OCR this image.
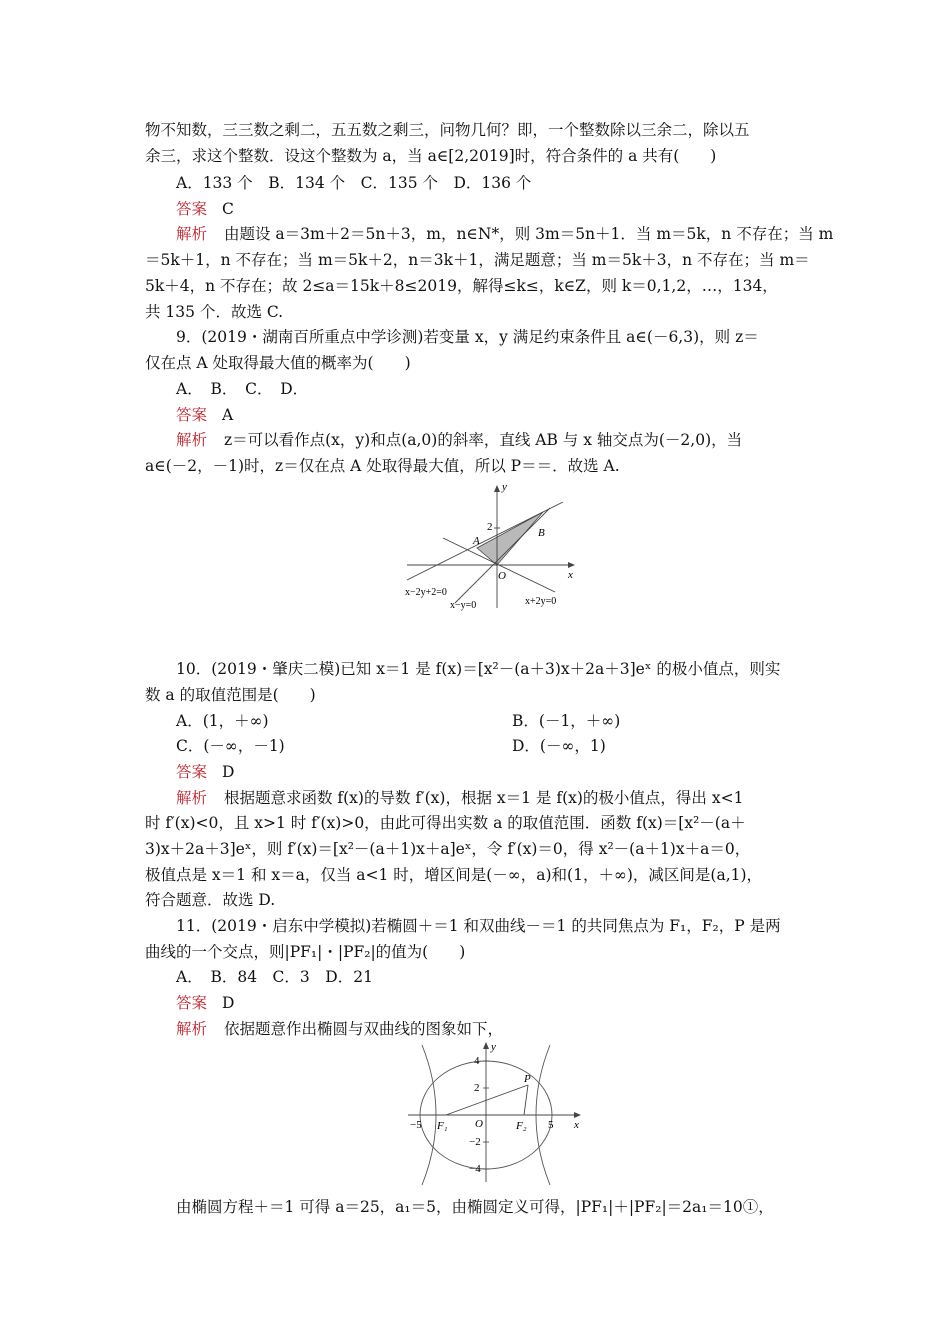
物不知数，三三数之剩二，五五数之剩三，问物几何？即，一个整数除以三余二，除以五
余三，求这个整数．设这个整数为 a，当 a∈[2,2019]时，符合条件的 a 共有(　　)
A．133 个　B．134 个　C．135 个　D．136 个
答案 C
解析 由题设 a＝3m＋2＝5n＋3，m，n∈N*，则 3m＝5n＋1．当 m＝5k，n 不存在；当 m
＝5k＋1，n 不存在；当 m＝5k＋2，n＝3k＋1，满足题意；当 m＝5k＋3，n 不存在；当 m＝
5k＋4，n 不存在；故 2≤a＝15k＋8≤2019，解得≤k≤，k∈Z，则 k＝0,1,2，…，134，
共 135 个．故选 C.
9．(2019・湖南百所重点中学诊测)若变量 x，y 满足约束条件且 a∈(－6,3)，则 z＝
仅在点 A 处取得最大值的概率为(　　)
A．　B．　C．　D．
答案 A
解析 z＝可以看作点(x，y)和点(a,0)的斜率，直线 AB 与 x 轴交点为(－2,0)，当
a∈(－2，－1)时，z＝仅在点 A 处取得最大值，所以 P＝＝．故选 A.
y
x
2
A
B
O
x−2y+2=0
x−y=0	x+2y=0
10．(2019・肇庆二模)已知 x＝1 是 f(x)＝[x²－(a＋3)x＋2a＋3]eˣ 的极小值点，则实
数 a 的取值范围是(　　)
A．(1，＋∞)	B．(－1，＋∞)
C．(－∞，－1)	D．(－∞，1)
答案 D
解析 根据题意求函数 f(x)的导数 f′(x)，根据 x＝1 是 f(x)的极小值点，得出 x<1
时 f′(x)<0，且 x>1 时 f′(x)>0，由此可得出实数 a 的取值范围．函数 f(x)＝[x²－(a＋
3)x＋2a＋3]eˣ，则 f′(x)＝[x²－(a＋1)x＋a]eˣ，令 f′(x)＝0，得 x²－(a＋1)x＋a＝0，
极值点是 x＝1 和 x＝a，仅当 a<1 时，增区间是(－∞，a)和(1，＋∞)，减区间是(a,1)，
符合题意．故选 D.
11．(2019・启东中学模拟)若椭圆＋＝1 和双曲线－＝1 的共同焦点为 F₁，F₂，P 是两
曲线的一个交点，则|PF₁|・|PF₂|的值为(　　)
A．　B．84　C．3　D．21
答案 D
解析 依据题意作出椭圆与双曲线的图象如下，
y
x
4
2
−2
−4
−5	5
O
P
F₁	F₂
由椭圆方程＋＝1 可得 a＝25，a₁＝5，由椭圆定义可得，|PF₁|＋|PF₂|＝2a₁＝10①，
